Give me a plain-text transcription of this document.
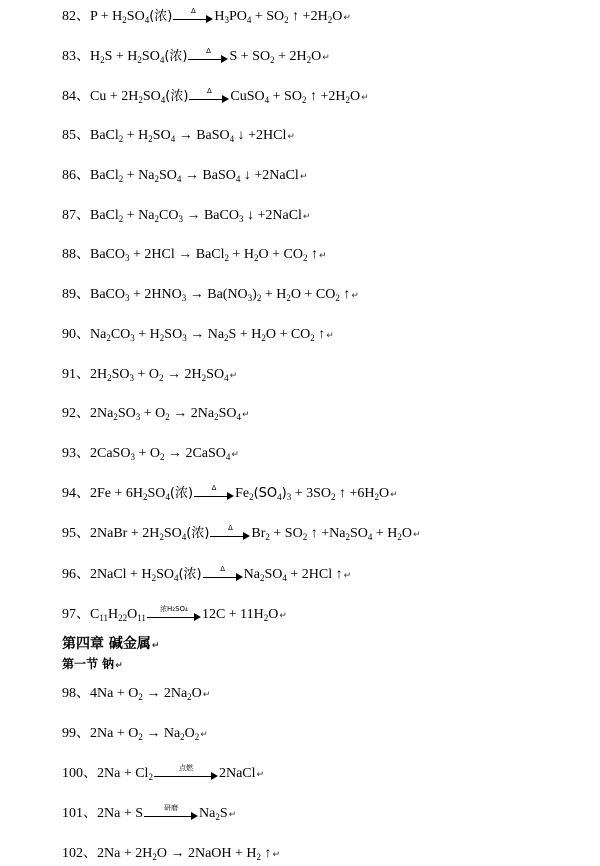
82、$P + H_2SO_4$(浓)	Δ	$H_3PO_4 + SO_2$ ↑ $+2H_2O↵$
83、$H_2S + H_2SO_4$(浓)	Δ	$S + SO_2$ + $2H_2O↵$
84、$Cu + 2H_2SO_4$(浓)	Δ	CuSO$_4$ + $SO_2$ ↑ $+2H_2O↵$
85、BaCl$_2$ + $H_2SO_4$ → BaSO$_4$ ↓ +2HCl↵
86、BaCl$_2$ + $Na_2SO_4$ → BaSO$_4$ ↓ +2NaCl↵
87、BaCl$_2$ + $Na_2CO_3$ → BaCO$_3$ ↓ +2NaCl↵
88、BaCO$_3$ + 2HCl → BaCl$_2$ + $H_2O + CO_2$ ↑↵
89、BaCO$_3$ + $2HNO_3 \to Ba(NO_3)_2 + H_2O + CO_2$ ↑↵
90、$Na_2CO_3 + H_2SO_3 \to Na_2S + H_2O + CO_2$ ↑↵
91、$2H_2SO_3 + O_2$ → $2H_2SO_4↵$
92、$2Na_2SO_3 + O_2$ → $2Na_2SO_4↵$
93、2CaSO$_3$ + $O_2$ → 2CaSO$_4$↵
94、$2Fe + 6H_2SO_4$(浓)	Δ	$Fe_2(SO_4)_3 + 3SO_2$ ↑ $+6H_2O↵$
95、2NaBr + $2H_2SO_4$(浓)	Δ	$Br_2 + SO_2$ ↑ $+Na_2SO_4$ + $H_2O↵$
96、2NaCl + $H_2SO_4$(浓)	Δ	$Na_2SO_4 + 2HCl$ ↑↵
97、$C_{11}H_{22}O_{11}$
浓H₂SO₄	$12C + 11H_2O↵$
第四章 碱金属↵
第一节 钠↵
98、$4Na + O_2$ → $2Na_2O↵$
99、$2Na + O_2$ → $Na_2O_2↵$
100、$2Na + Cl_2$
点燃	2NaCl↵
101、2Na + S	研磨	$Na_2S↵$
102、$2Na + 2H_2O$ → 2NaOH + $H_2$ ↑↵
